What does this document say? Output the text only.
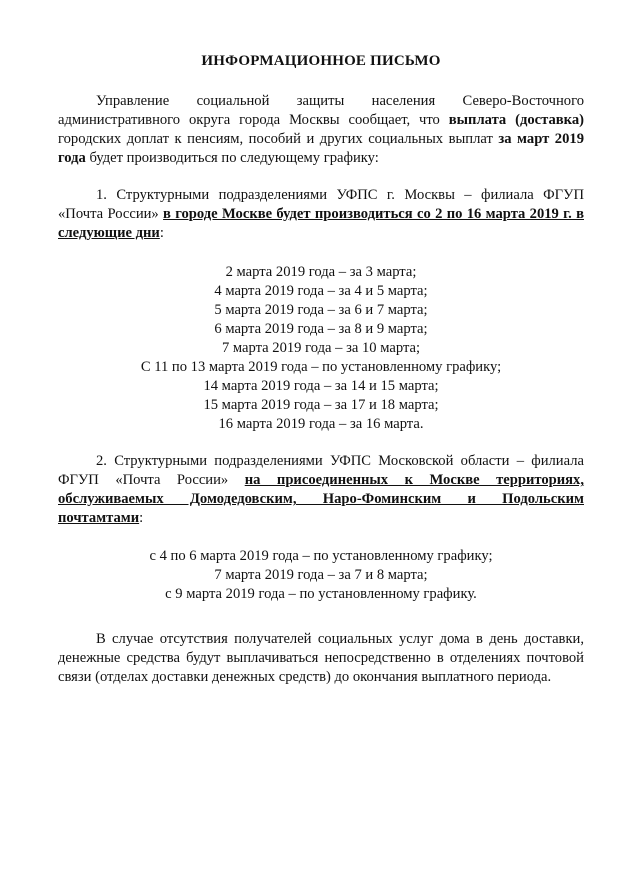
ИНФОРМАЦИОННОЕ ПИСЬМО

Управление социальной защиты населения Северо-Восточного административного округа города Москвы сообщает, что выплата (доставка) городских доплат к пенсиям, пособий и других социальных выплат за март 2019 года будет производиться по следующему графику:

1. Структурными подразделениями УФПС г. Москвы – филиала ФГУП «Почта России» в городе Москве будет производиться со 2 по 16 марта 2019 г. в следующие дни:

2 марта 2019 года – за 3 марта;
4 марта 2019 года – за 4 и 5 марта;
5 марта 2019 года – за 6 и 7 марта;
6 марта 2019 года – за 8 и 9 марта;
7 марта 2019 года – за 10 марта;
С 11 по 13 марта 2019 года – по установленному графику;
14 марта 2019 года – за 14 и 15 марта;
15 марта 2019 года – за 17 и 18 марта;
16 марта 2019 года – за 16 марта.
2. Структурными подразделениями УФПС Московской области – филиала
ФГУП «Почта России» на присоединенных к Москве территориях,
обслуживаемых Домодедовским, Наро-Фоминским и Подольским
почтамтами:
с 4 по 6 марта 2019 года – по установленному графику;
7 марта 2019 года – за 7 и 8 марта;
с 9 марта 2019 года – по установленному графику.

В случае отсутствия получателей социальных услуг дома в день доставки, денежные средства будут выплачиваться непосредственно в отделениях почтовой связи (отделах доставки денежных средств) до окончания выплатного периода.
